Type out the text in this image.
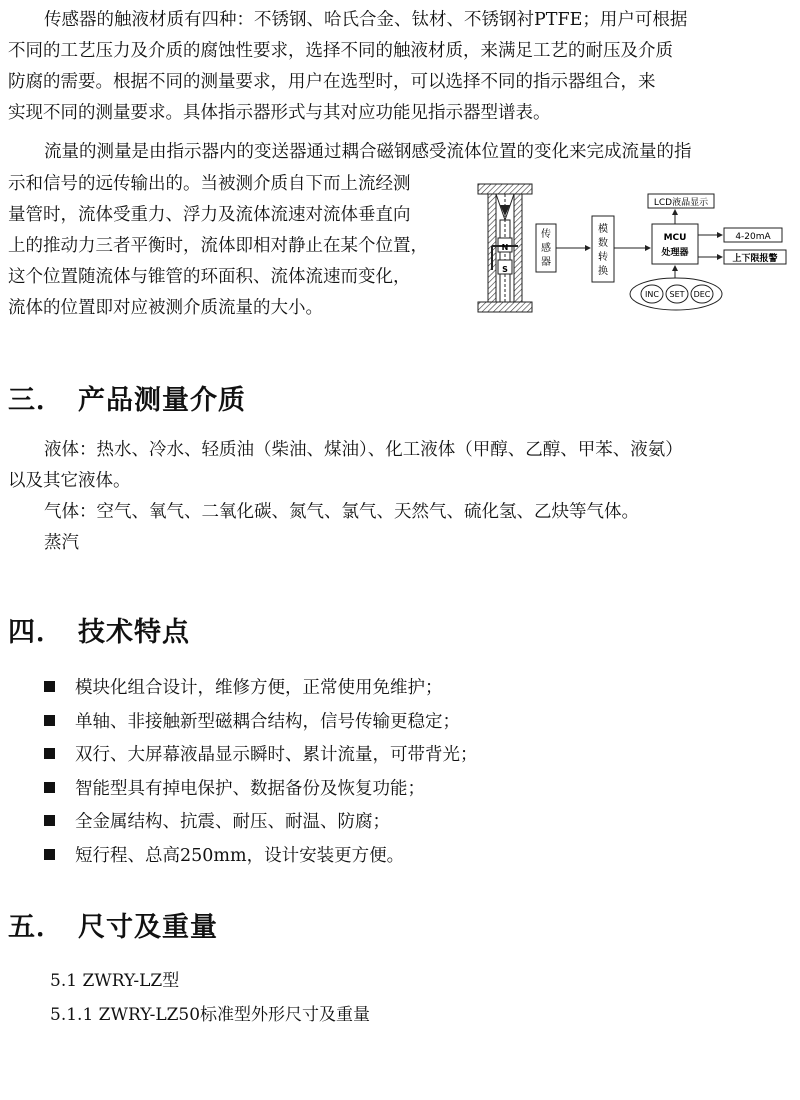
传感器的触液材质有四种：不锈钢、哈氏合金、钛材、不锈钢衬PTFE；用户可根据
不同的工艺压力及介质的腐蚀性要求，选择不同的触液材质，来满足工艺的耐压及介质
防腐的需要。根据不同的测量要求，用户在选型时，可以选择不同的指示器组合，来
实现不同的测量要求。具体指示器形式与其对应功能见指示器型谱表。
流量的测量是由指示器内的变送器通过耦合磁钢感受流体位置的变化来完成流量的指
示和信号的远传输出的。当被测介质自下而上流经测
量管时，流体受重力、浮力及流体流速对流体垂直向
上的推动力三者平衡时，流体即相对静止在某个位置，
这个位置随流体与锥管的环面积、流体流速而变化，
流体的位置即对应被测介质流量的大小。
N
S
传
感
器
模
数
转
换
MCU
处理器
LCD液晶显示
4-20mA
上下限报警
INC SET DEC
三． 产品测量介质
液体：热水、冷水、轻质油（柴油、煤油）、化工液体（甲醇、乙醇、甲苯、液氨）
以及其它液体。
气体：空气、氧气、二氧化碳、氮气、氯气、天然气、硫化氢、乙炔等气体。
蒸汽
四． 技术特点
模块化组合设计，维修方便，正常使用免维护；
单轴、非接触新型磁耦合结构，信号传输更稳定；
双行、大屏幕液晶显示瞬时、累计流量，可带背光；
智能型具有掉电保护、数据备份及恢复功能；
全金属结构、抗震、耐压、耐温、防腐；
短行程、总高250mm，设计安装更方便。
五． 尺寸及重量
5.1 ZWRY-LZ型
5.1.1 ZWRY-LZ50标准型外形尺寸及重量
